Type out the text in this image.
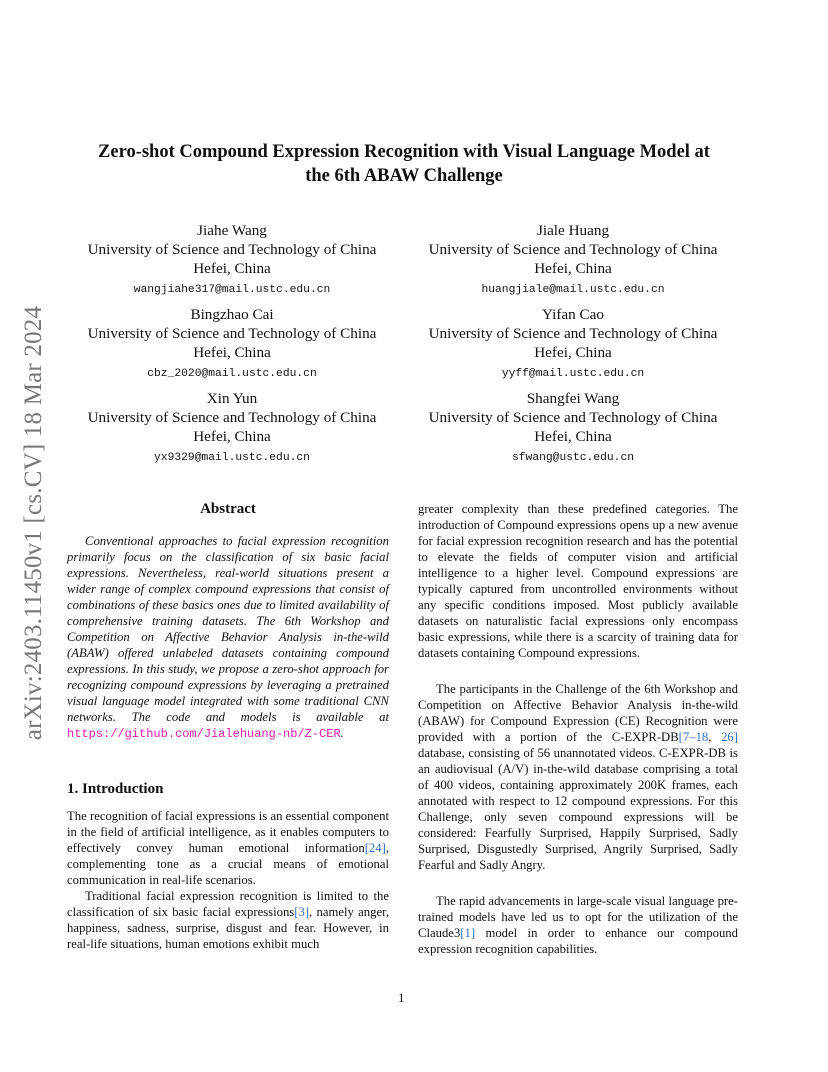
arXiv:2403.11450v1 [cs.CV] 18 Mar 2024
Zero-shot Compound Expression Recognition with Visual Language Model at
the 6th ABAW Challenge
Jiahe Wang
University of Science and Technology of China
Hefei, China
wangjiahe317@mail.ustc.edu.cn
Jiale Huang
University of Science and Technology of China
Hefei, China
huangjiale@mail.ustc.edu.cn
Bingzhao Cai
University of Science and Technology of China
Hefei, China
cbz_2020@mail.ustc.edu.cn
Yifan Cao
University of Science and Technology of China
Hefei, China
yyff@mail.ustc.edu.cn
Xin Yun
University of Science and Technology of China
Hefei, China
yx9329@mail.ustc.edu.cn
Shangfei Wang
University of Science and Technology of China
Hefei, China
sfwang@ustc.edu.cn
Abstract

Conventional approaches to facial expression recognition primarily focus on the classification of six basic facial expressions. Nevertheless, real-world situations present a wider range of complex compound expressions that consist of combinations of these basics ones due to limited availability of comprehensive training datasets. The 6th Workshop and Competition on Affective Behavior Analysis in-the-wild (ABAW) offered unlabeled datasets containing compound expressions. In this study, we propose a zero-shot approach for recognizing compound expressions by leveraging a pretrained visual language model integrated with some traditional CNN networks. The code and models is available at https://github.com/Jialehuang-nb/Z-CER.

1. Introduction

The recognition of facial expressions is an essential component in the field of artificial intelligence, as it enables computers to effectively convey human emotional information[24], complementing tone as a crucial means of emotional communication in real-life scenarios.

Traditional facial expression recognition is limited to the classification of six basic facial expressions[3], namely anger, happiness, sadness, surprise, disgust and fear. However, in real-life situations, human emotions exhibit much

greater complexity than these predefined categories. The introduction of Compound expressions opens up a new avenue for facial expression recognition research and has the potential to elevate the fields of computer vision and artificial intelligence to a higher level. Compound expressions are typically captured from uncontrolled environments without any specific conditions imposed. Most publicly available datasets on naturalistic facial expressions only encompass basic expressions, while there is a scarcity of training data for datasets containing Compound expressions.

The participants in the Challenge of the 6th Workshop and Competition on Affective Behavior Analysis in-the-wild (ABAW) for Compound Expression (CE) Recognition were provided with a portion of the C-EXPR-DB[7–18, 26] database, consisting of 56 unannotated videos. C-EXPR-DB is an audiovisual (A/V) in-the-wild database comprising a total of 400 videos, containing approximately 200K frames, each annotated with respect to 12 compound expressions. For this Challenge, only seven compound expressions will be considered: Fearfully Surprised, Happily Surprised, Sadly Surprised, Disgustedly Surprised, Angrily Surprised, Sadly Fearful and Sadly Angry.

The rapid advancements in large-scale visual language pre-trained models have led us to opt for the utilization of the Claude3[1] model in order to enhance our compound expression recognition capabilities.

1
